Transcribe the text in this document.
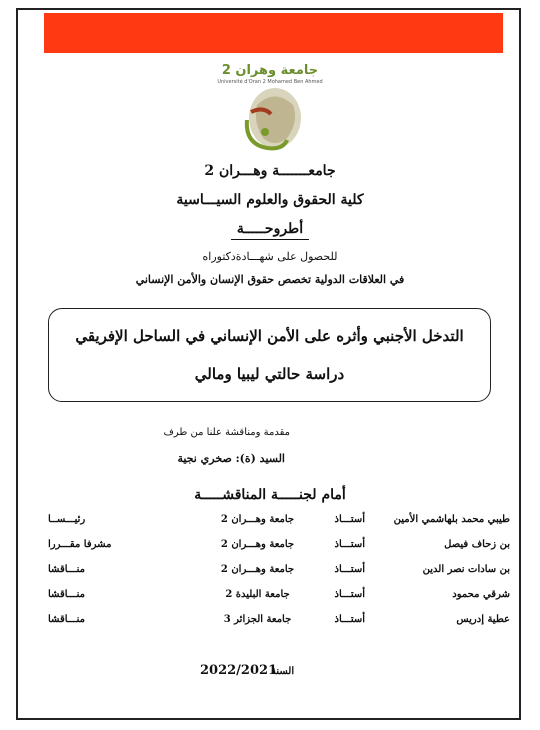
جامعة وهران 2
Université d'Oran 2 Mohamed Ben Ahmed
جامعـــــــة وهـــران 2
كلية الحقوق والعلوم السيـــاسية
أطروحـــــة
للحصول على شهـــادةدكتوراه
في العلاقات الدولية تخصص حقوق الإنسان والأمن الإنساني
التدخل الأجنبي وأثره على الأمن الإنساني في الساحل الإفريقي
دراسة حالتي ليبيا ومالي
مقدمة ومناقشة علنا من طرف
السيد (ة): صخري نجية
أمام لجنـــــة المناقشـــــة
طيبي محمد بلهاشمي الأمين
أستـــاذ
جامعة وهـــران 2
رئيـــســا
بن زحاف فيصل
أستـــاذ
جامعة وهـــران 2
مشرفا مقـــررا
بن سادات نصر الدين
أستـــاذ
جامعة وهـــران 2
منـــاقشا
شرقي محمود
أستـــاذ
جامعة البليدة 2
منـــاقشا
عطية إدريس
أستـــاذ
جامعة الجزائر 3
منـــاقشا
السنة
2022/2021
